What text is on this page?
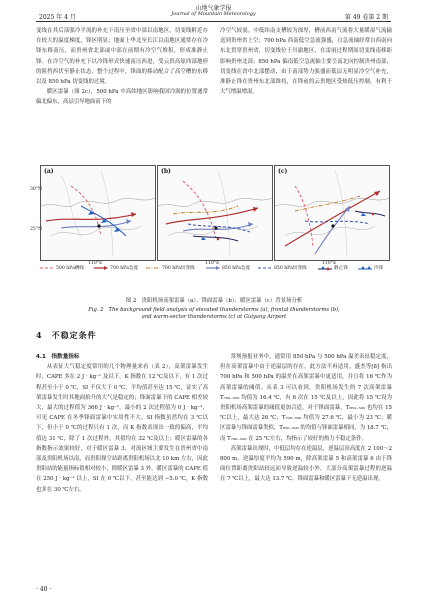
山地气象学报
Journal of Mountain Meteorology
2025 年 4 月	第 49 卷第 2 期

变线在其后部强冷平流的补充下南压至省中部以南地区，切变线附近存在较大的温度梯度，锋区明显；地面上华北至长江以南地区通常存在冷锋东移南压，而贵州省北部或中部在前期有冷空气堆积，形成准静止锋。在冷空气的补充下以冷锋形式快速南压西进，受云贵高原西部地形的阻挡西伏至静止状态，整个过程中，锋面的移动配合了高空槽的东移以及 850 hPa 切变线的过境。

暖区雷暴（图 2c），500 hPa 中高纬地区影响我国冷涡的位置通常偏北偏东，高层引导地面南下的

冷空气较弱。中低纬南支槽较为深厚，槽前西南气流将大量暖湿气流输送到贵州省上空；700 hPa 西南低空急流强盛，且急流轴经常自西南向东北贯穿贵州省，切变线位于川渝地区，在雷雨过程期间切变线南移距影响贵州北部；850 hPa 偏南低空急流轴主要呈南北向控制贵州南部，切变线在省中北部摆动，由于南部势力强盛而低层无明显冷空气补充，准静止锋在贵州东北部维持，在锋前的云贵地区受热低压控制，有利于大气增温增湿。

(a)
110°E
30°N
25°N
(b)
110°E
(c)
110°E
500 hPa槽线	700 hPa急流	700 hPa切变线	850 hPa急流	850 hPa切变线	静止锋	冷锋
图 2　贵阳机场高架雷暴（a）、锋面雷暴（b）、暖区雷暴（c）背景场分析
Fig. 2　The background field analysis of elevated thunderstorms (a), frontal thunderstorms (b),
and warm-sector thunderstorms (c) at Guiyang Airport
4　不稳定条件
4.1　指数量指标

从表征大气稳定度常用的几个物理量来看（表 2），高架雷暴发生时，CAPE 多在 2 J · kg⁻¹ 及以下，K 指数在 12 ℃及以下，有 1 次过程甚至小于 0 ℃，SI 不仅大于 0 ℃，平均值甚至达 15 ℃，证实了高架雷暴发生时其地面抬升的大气是稳定的；锋面雷暴下的 CAPE 相差较大，最大的过程值为 366 J · kg⁻¹，最小的 2 次过程值为 0 J · kg⁻¹，可见 CAPE 在冬季锋面雷暴中实用性不大，SI 指数虽然均在 3 ℃以下，但小于 0 ℃的过程只有 1 次，而 K 指数表现出一致的偏高，平均值达 31 ℃，除了 1 次过程外，其值均在 32 ℃及以上；暖区雷暴的各指数指示效果较好，对于暖区雷暴 3，对流区域主要发生在贵州省中南部及贵阳机场以南，而贵阳探空站距离贵阳机场以北 10 km 左右，因此贵阳站的能量指标值相对较小，除暖区雷暴 3 外，暖区雷暴的 CAPE 值在 250 J · kg⁻¹ 以上，SI 在 0 ℃以下，甚至能达到 −5.0 ℃，K 指数也多在 30 ℃左右。

常规预报业务中，通常用 850 hPa 与 500 hPa 温差表征稳定度，但在高架雷暴中由于逆温层的存在，此方法不再适用。盛杰等[8] 指出 700 hPa 和 500 hPa 的温差在高架雷暴中更适用，并且将 16 ℃作为高架雷暴的阈值。从表 3 可以看到，贵阳机场发生的 7 次高架雷暴 T₇₀₀₋₅₀₀ 均值为 16.4 ℃，有 6 次在 15 ℃及以上，因此将 15 ℃设为贵阳机场高架雷暴的阈值更加合适。对于锋面雷暴，T₈₅₀₋₅₀₀ 也均在 15 ℃以上，最大达 26 ℃；T₇₀₀₋₅₀₀ 均值为 27.6 ℃，最小为 23 ℃；暖区雷暴与锋面雷暴类似，T₈₅₀₋₅₀₀ 的均值与锋面雷暴相同，为 18.7 ℃，而 T₇₀₀₋₅₀₀ 在 25 ℃左右，均指示了较好的热力不稳定条件。

高架雷暴出现时，中低层均存在逆温层，逆温层顶高度在 2 100～2 800 m，逆温厚度平均为 590 m，除高架雷暴 5 和高架雷暴 6 由于锋面位置距离贵阳站较远而导致逆温较小外，大部分高架雷暴过程的逆温在 7 ℃以上，最大达 13.7 ℃。锋面雷暴和暖区雷暴下无逆温出现。

· 40 ·
